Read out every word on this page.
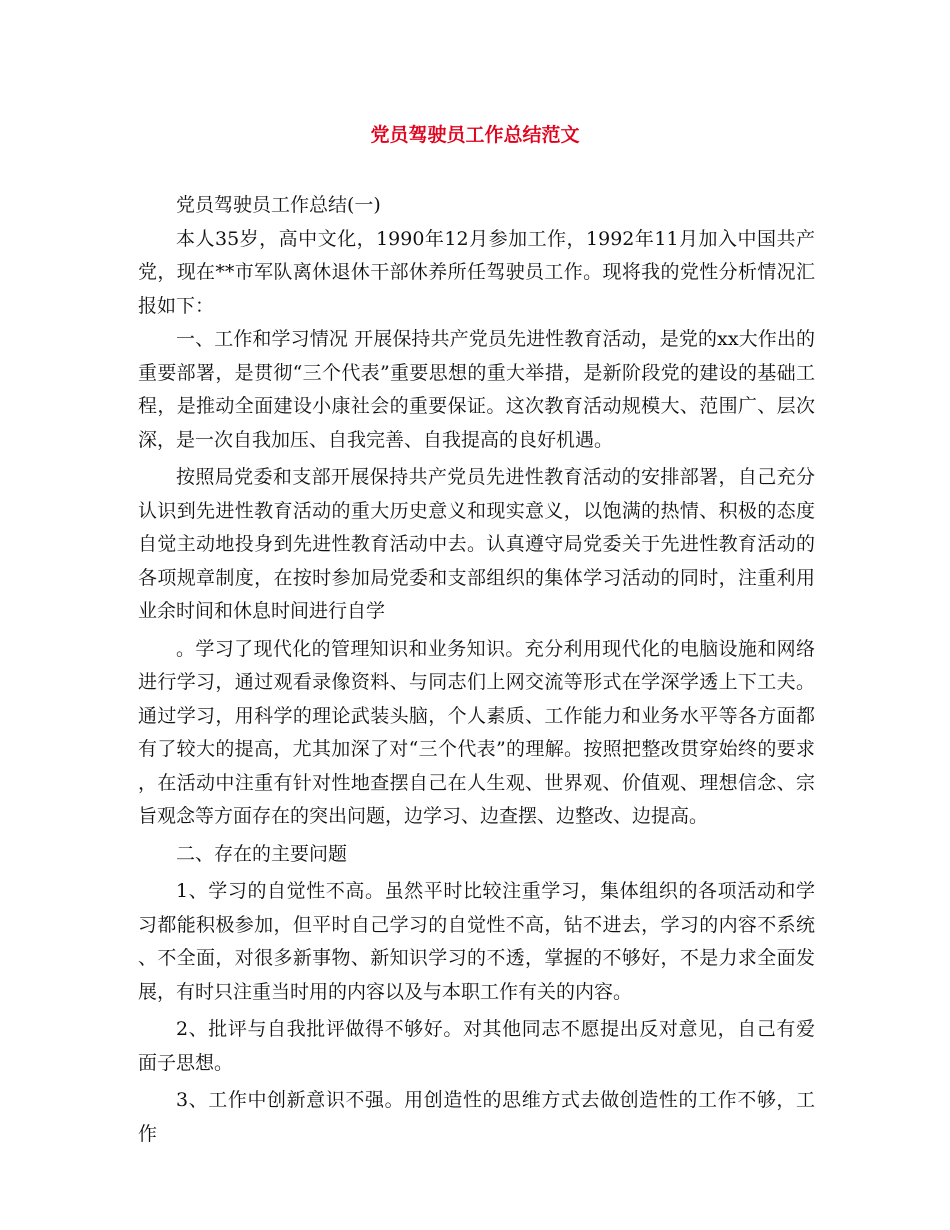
党员驾驶员工作总结范文

党员驾驶员工作总结(一)

本人35岁，高中文化，1990年12月参加工作，1992年11月加入中国共产党，现在**市军队离休退休干部休养所任驾驶员工作。现将我的党性分析情况汇报如下：

一、工作和学习情况 开展保持共产党员先进性教育活动，是党的xx大作出的重要部署，是贯彻“三个代表”重要思想的重大举措，是新阶段党的建设的基础工程，是推动全面建设小康社会的重要保证。这次教育活动规模大、范围广、层次深，是一次自我加压、自我完善、自我提高的良好机遇。

按照局党委和支部开展保持共产党员先进性教育活动的安排部署，自己充分认识到先进性教育活动的重大历史意义和现实意义，以饱满的热情、积极的态度自觉主动地投身到先进性教育活动中去。认真遵守局党委关于先进性教育活动的各项规章制度，在按时参加局党委和支部组织的集体学习活动的同时，注重利用业余时间和休息时间进行自学

。学习了现代化的管理知识和业务知识。充分利用现代化的电脑设施和网络进行学习，通过观看录像资料、与同志们上网交流等形式在学深学透上下工夫。通过学习，用科学的理论武装头脑，个人素质、工作能力和业务水平等各方面都有了较大的提高，尤其加深了对“三个代表”的理解。按照把整改贯穿始终的要求，在活动中注重有针对性地查摆自己在人生观、世界观、价值观、理想信念、宗旨观念等方面存在的突出问题，边学习、边查摆、边整改、边提高。

二、存在的主要问题

1、学习的自觉性不高。虽然平时比较注重学习，集体组织的各项活动和学习都能积极参加，但平时自己学习的自觉性不高，钻不进去，学习的内容不系统、不全面，对很多新事物、新知识学习的不透，掌握的不够好，不是力求全面发展，有时只注重当时用的内容以及与本职工作有关的内容。

2、批评与自我批评做得不够好。对其他同志不愿提出反对意见，自己有爱面子思想。

3、工作中创新意识不强。用创造性的思维方式去做创造性的工作不够，工作
